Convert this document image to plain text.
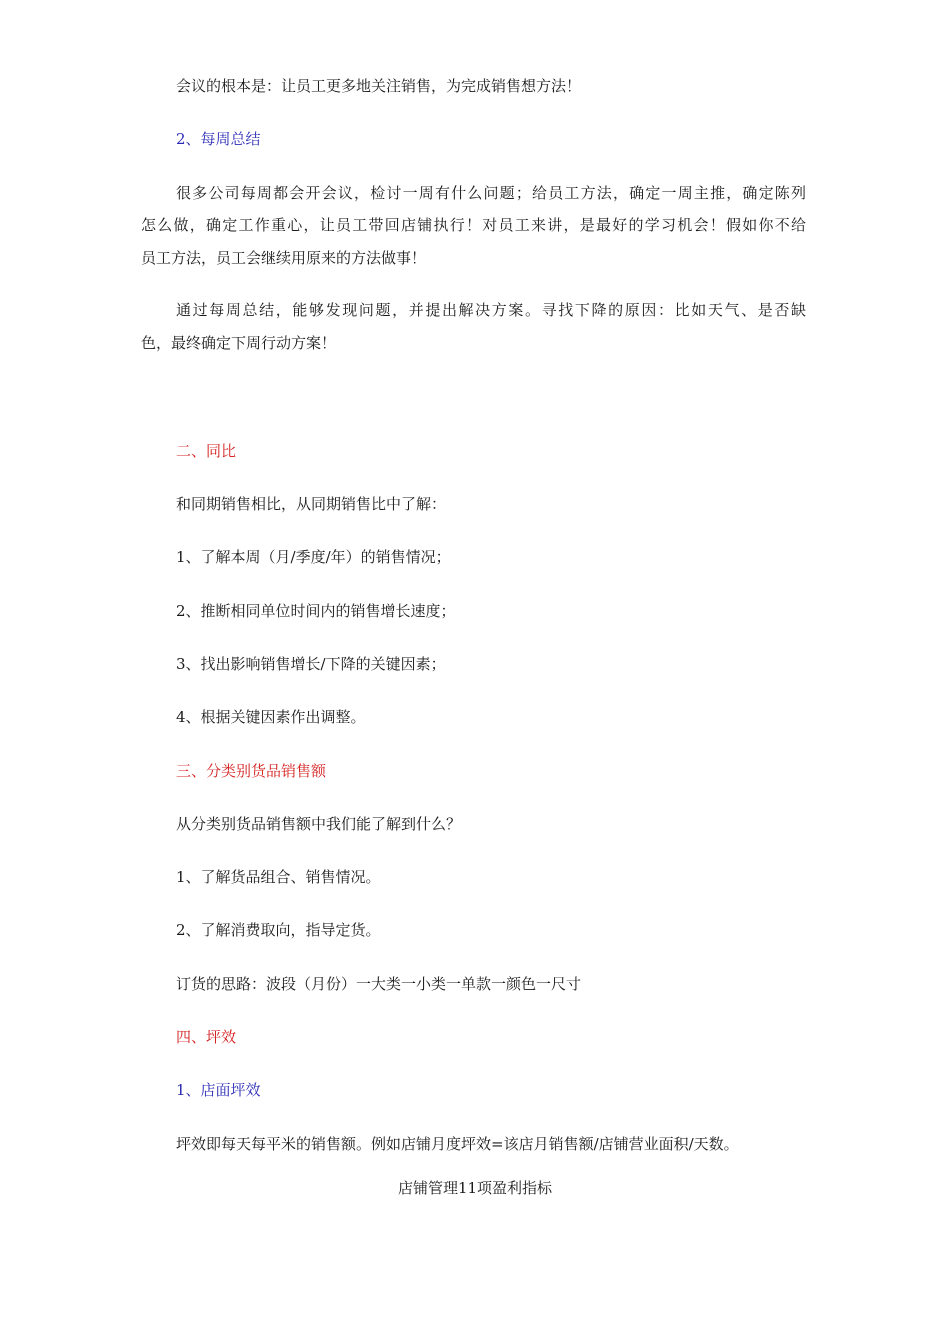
会议的根本是：让员工更多地关注销售，为完成销售想方法！
2、每周总结
很多公司每周都会开会议，检讨一周有什么问题；给员工方法，确定一周主推，确定陈列
怎么做，确定工作重心，让员工带回店铺执行！对员工来讲，是最好的学习机会！假如你不给
员工方法，员工会继续用原来的方法做事！
通过每周总结，能够发现问题，并提出解决方案。寻找下降的原因：比如天气、是否缺
色，最终确定下周行动方案！
二、同比
和同期销售相比，从同期销售比中了解：
1、了解本周（月/季度/年）的销售情况；
2、推断相同单位时间内的销售增长速度；
3、找出影响销售增长/下降的关键因素；
4、根据关键因素作出调整。
三、分类别货品销售额
从分类别货品销售额中我们能了解到什么？
1、了解货品组合、销售情况。
2、了解消费取向，指导定货。
订货的思路：波段（月份）一大类一小类一单款一颜色一尺寸
四、坪效
1、店面坪效
坪效即每天每平米的销售额。例如店铺月度坪效=该店月销售额/店铺营业面积/天数。
店铺管理11项盈利指标
